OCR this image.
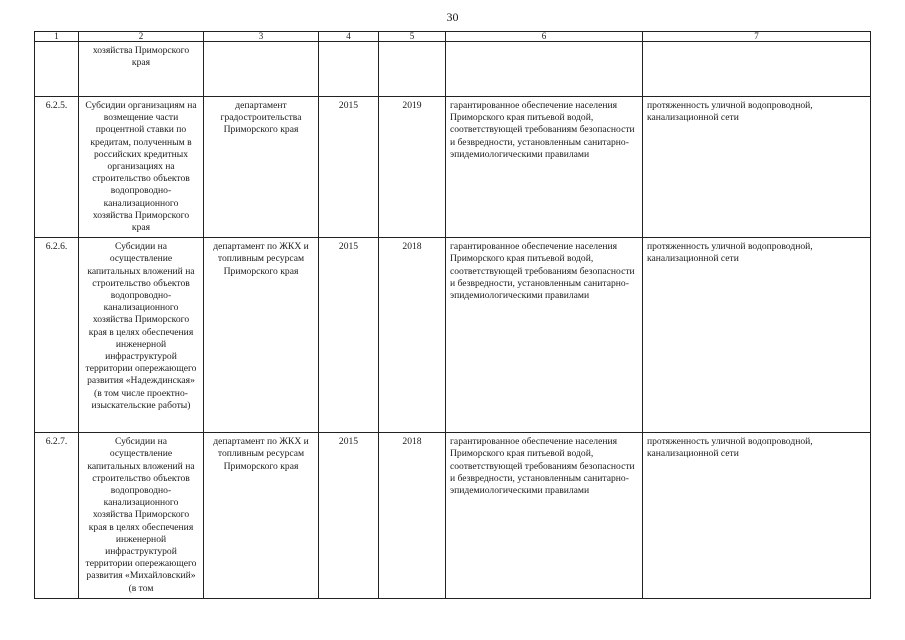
30
1	2	3	4	5	6	7

	хозяйства Приморского края					

6.2.5.	Субсидии организациям на возмещение части процентной ставки по кредитам, полученным в российских кредитных организациях на строительство объектов водопроводно-канализационного хозяйства Приморского края	департамент градостроительства Приморского края	2015	2019	гарантированное обеспечение населения Приморского края питьевой водой, соответствующей требованиям безопасности и безвредности, установленным санитарно-эпидемиологическими правилами	протяженность уличной водопроводной, канализационной сети
6.2.6.	Субсидии на осуществление капитальных вложений на строительство объектов водопроводно-канализационного хозяйства Приморского края в целях обеспечения инженерной инфраструктурой территории опережающего развития «Надеждинская» (в том числе проектно-изыскательские работы)	департамент по ЖКХ и топливным ресурсам Приморского края	2015	2018	гарантированное обеспечение населения Приморского края питьевой водой, соответствующей требованиям безопасности и безвредности, установленным санитарно-эпидемиологическими правилами	протяженность уличной водопроводной, канализационной сети
6.2.7.	Субсидии на осуществление капитальных вложений на строительство объектов водопроводно-канализационного хозяйства Приморского края в целях обеспечения инженерной инфраструктурой территории опережающего развития «Михайловский» (в том	департамент по ЖКХ и топливным ресурсам Приморского края	2015	2018	гарантированное обеспечение населения Приморского края питьевой водой, соответствующей требованиям безопасности и безвредности, установленным санитарно-эпидемиологическими правилами	протяженность уличной водопроводной, канализационной сети
